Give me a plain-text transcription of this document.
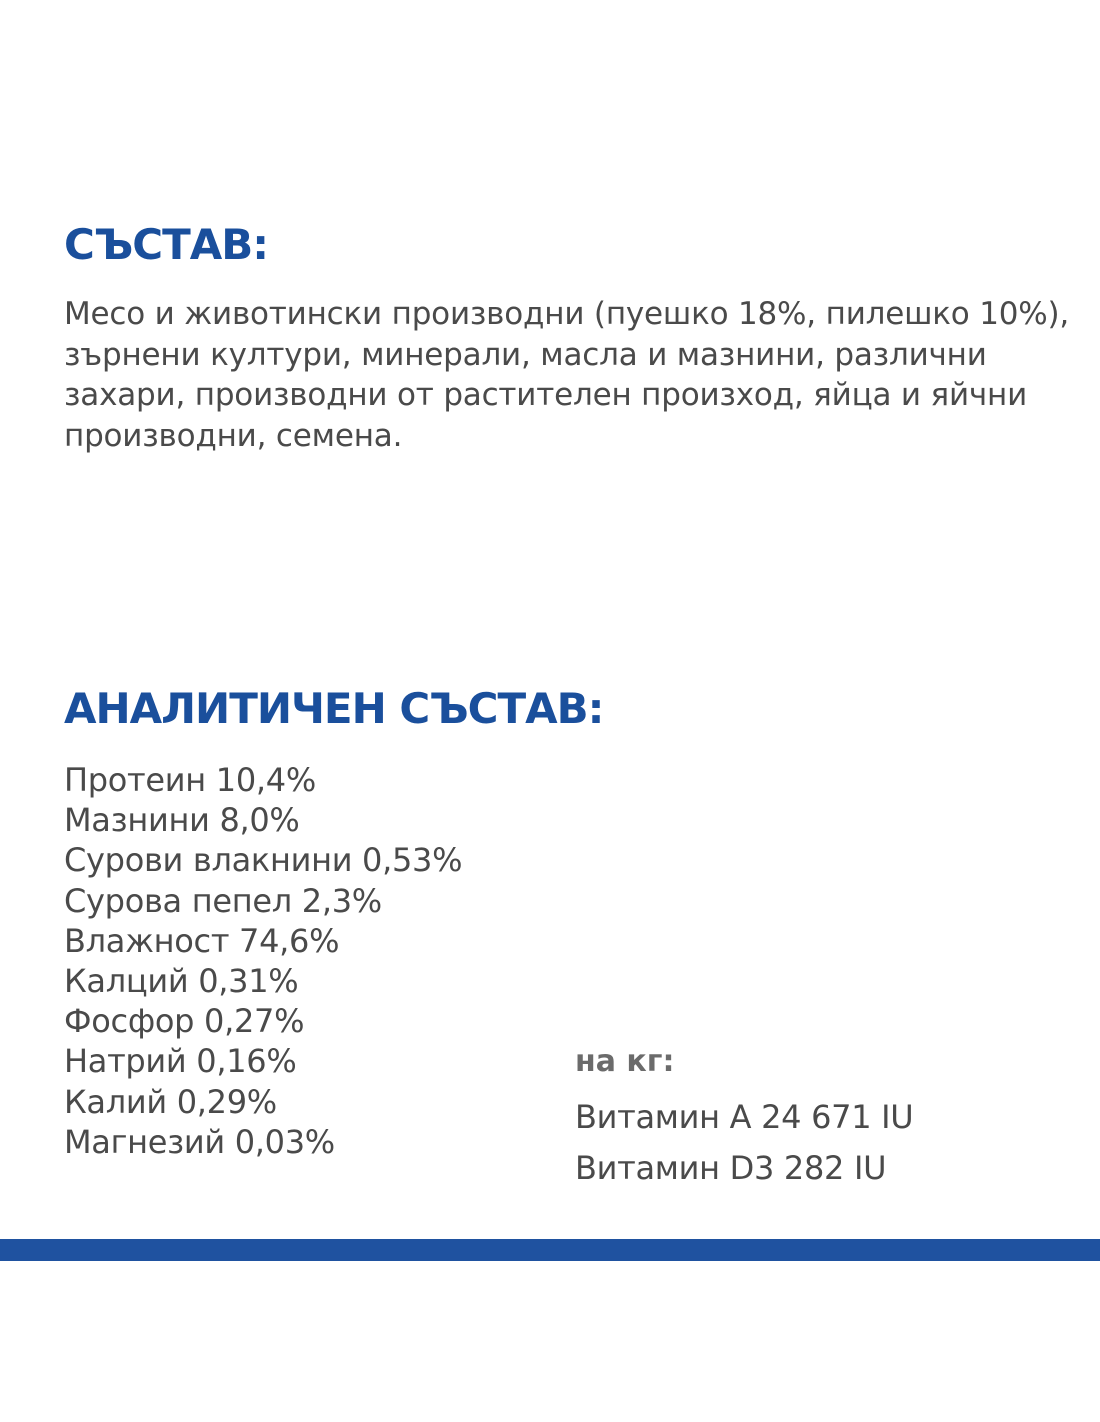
СЪСТАВ:

Месо и животински производни (пуешко 18%, пилешко 10%), зърнени култури, минерали, масла и мазнини, различни захари, производни от растителен произход, яйца и яйчни производни, семена.

АНАЛИТИЧЕН СЪСТАВ:
Протеин 10,4%
Мазнини 8,0%
Сурови влакнини 0,53%
Сурова пепел 2,3%
Влажност 74,6%
Калций 0,31%
Фосфор 0,27%
Натрий 0,16%
Калий 0,29%
Магнезий 0,03%

на кг:

Витамин A 24 671 IU
Витамин D3 282 IU
